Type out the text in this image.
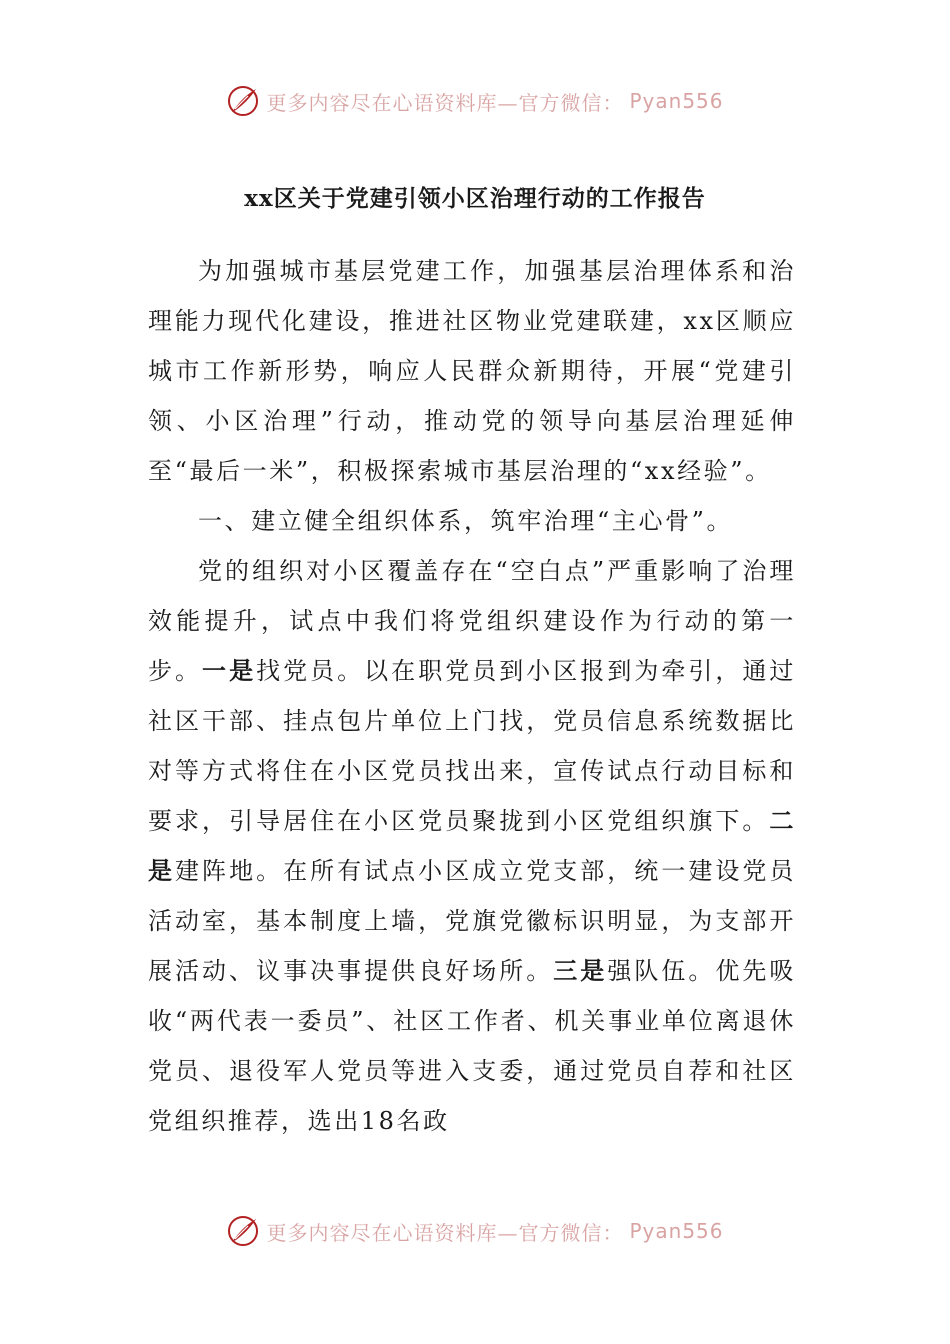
更多内容尽在心语资料库—官方微信： Pyan556
xx区关于党建引领小区治理行动的工作报告

为加强城市基层党建工作，加强基层治理体系和治理能力现代化建设，推进社区物业党建联建，xx区顺应城市工作新形势，响应人民群众新期待，开展“党建引领、小区治理”行动，推动党的领导向基层治理延伸至“最后一米”，积极探索城市基层治理的“xx经验”。

一、建立健全组织体系，筑牢治理“主心骨”。

党的组织对小区覆盖存在“空白点”严重影响了治理效能提升，试点中我们将党组织建设作为行动的第一步。一是找党员。以在职党员到小区报到为牵引，通过社区干部、挂点包片单位上门找，党员信息系统数据比对等方式将住在小区党员找出来，宣传试点行动目标和要求，引导居住在小区党员聚拢到小区党组织旗下。二是建阵地。在所有试点小区成立党支部，统一建设党员活动室，基本制度上墙，党旗党徽标识明显，为支部开展活动、议事决事提供良好场所。三是强队伍。优先吸收“两代表一委员”、社区工作者、机关事业单位离退休党员、退役军人党员等进入支委，通过党员自荐和社区党组织推荐，选出18名政

更多内容尽在心语资料库—官方微信： Pyan556
